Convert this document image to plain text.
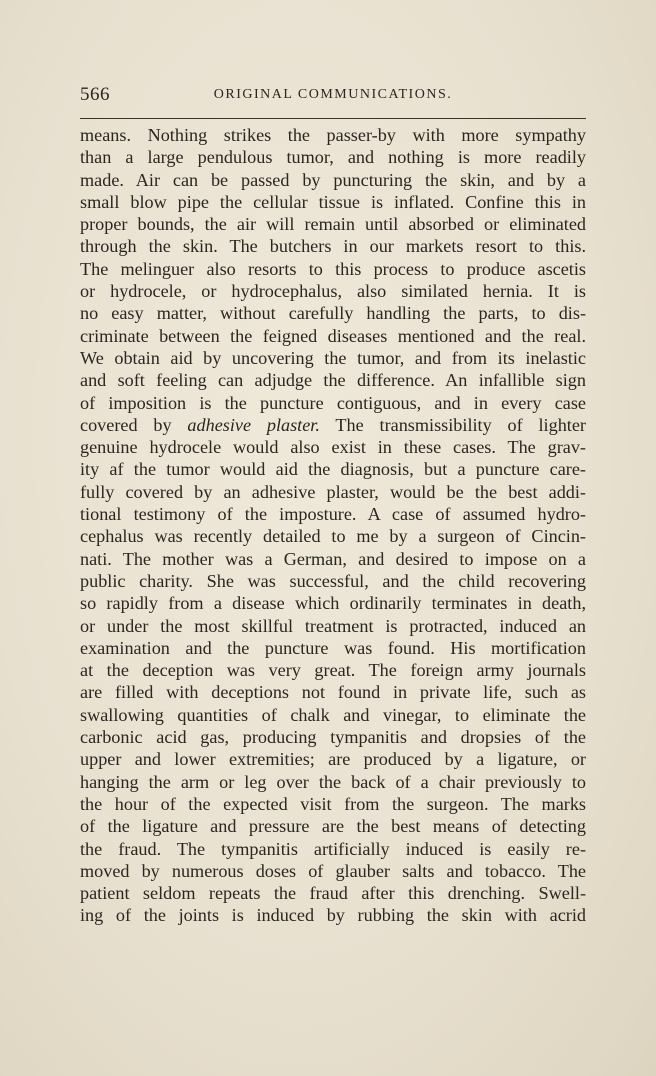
566	ORIGINAL COMMUNICATIONS.
means. Nothing strikes the passer-by with more sympathy
than a large pendulous tumor, and nothing is more readily
made. Air can be passed by puncturing the skin, and by a
small blow pipe the cellular tissue is inflated. Confine this in
proper bounds, the air will remain until absorbed or eliminated
through the skin. The butchers in our markets resort to this.
The melinguer also resorts to this process to produce ascetis
or hydrocele, or hydrocephalus, also similated hernia. It is
no easy matter, without carefully handling the parts, to dis-
criminate between the feigned diseases mentioned and the real.
We obtain aid by uncovering the tumor, and from its inelastic
and soft feeling can adjudge the difference. An infallible sign
of imposition is the puncture contiguous, and in every case
covered by adhesive plaster. The transmissibility of lighter
genuine hydrocele would also exist in these cases. The grav-
ity af the tumor would aid the diagnosis, but a puncture care-
fully covered by an adhesive plaster, would be the best addi-
tional testimony of the imposture. A case of assumed hydro-
cephalus was recently detailed to me by a surgeon of Cincin-
nati. The mother was a German, and desired to impose on a
public charity. She was successful, and the child recovering
so rapidly from a disease which ordinarily terminates in death,
or under the most skillful treatment is protracted, induced an
examination and the puncture was found. His mortification
at the deception was very great. The foreign army journals
are filled with deceptions not found in private life, such as
swallowing quantities of chalk and vinegar, to eliminate the
carbonic acid gas, producing tympanitis and dropsies of the
upper and lower extremities; are produced by a ligature, or
hanging the arm or leg over the back of a chair previously to
the hour of the expected visit from the surgeon. The marks
of the ligature and pressure are the best means of detecting
the fraud. The tympanitis artificially induced is easily re-
moved by numerous doses of glauber salts and tobacco. The
patient seldom repeats the fraud after this drenching. Swell-
ing of the joints is induced by rubbing the skin with acrid
